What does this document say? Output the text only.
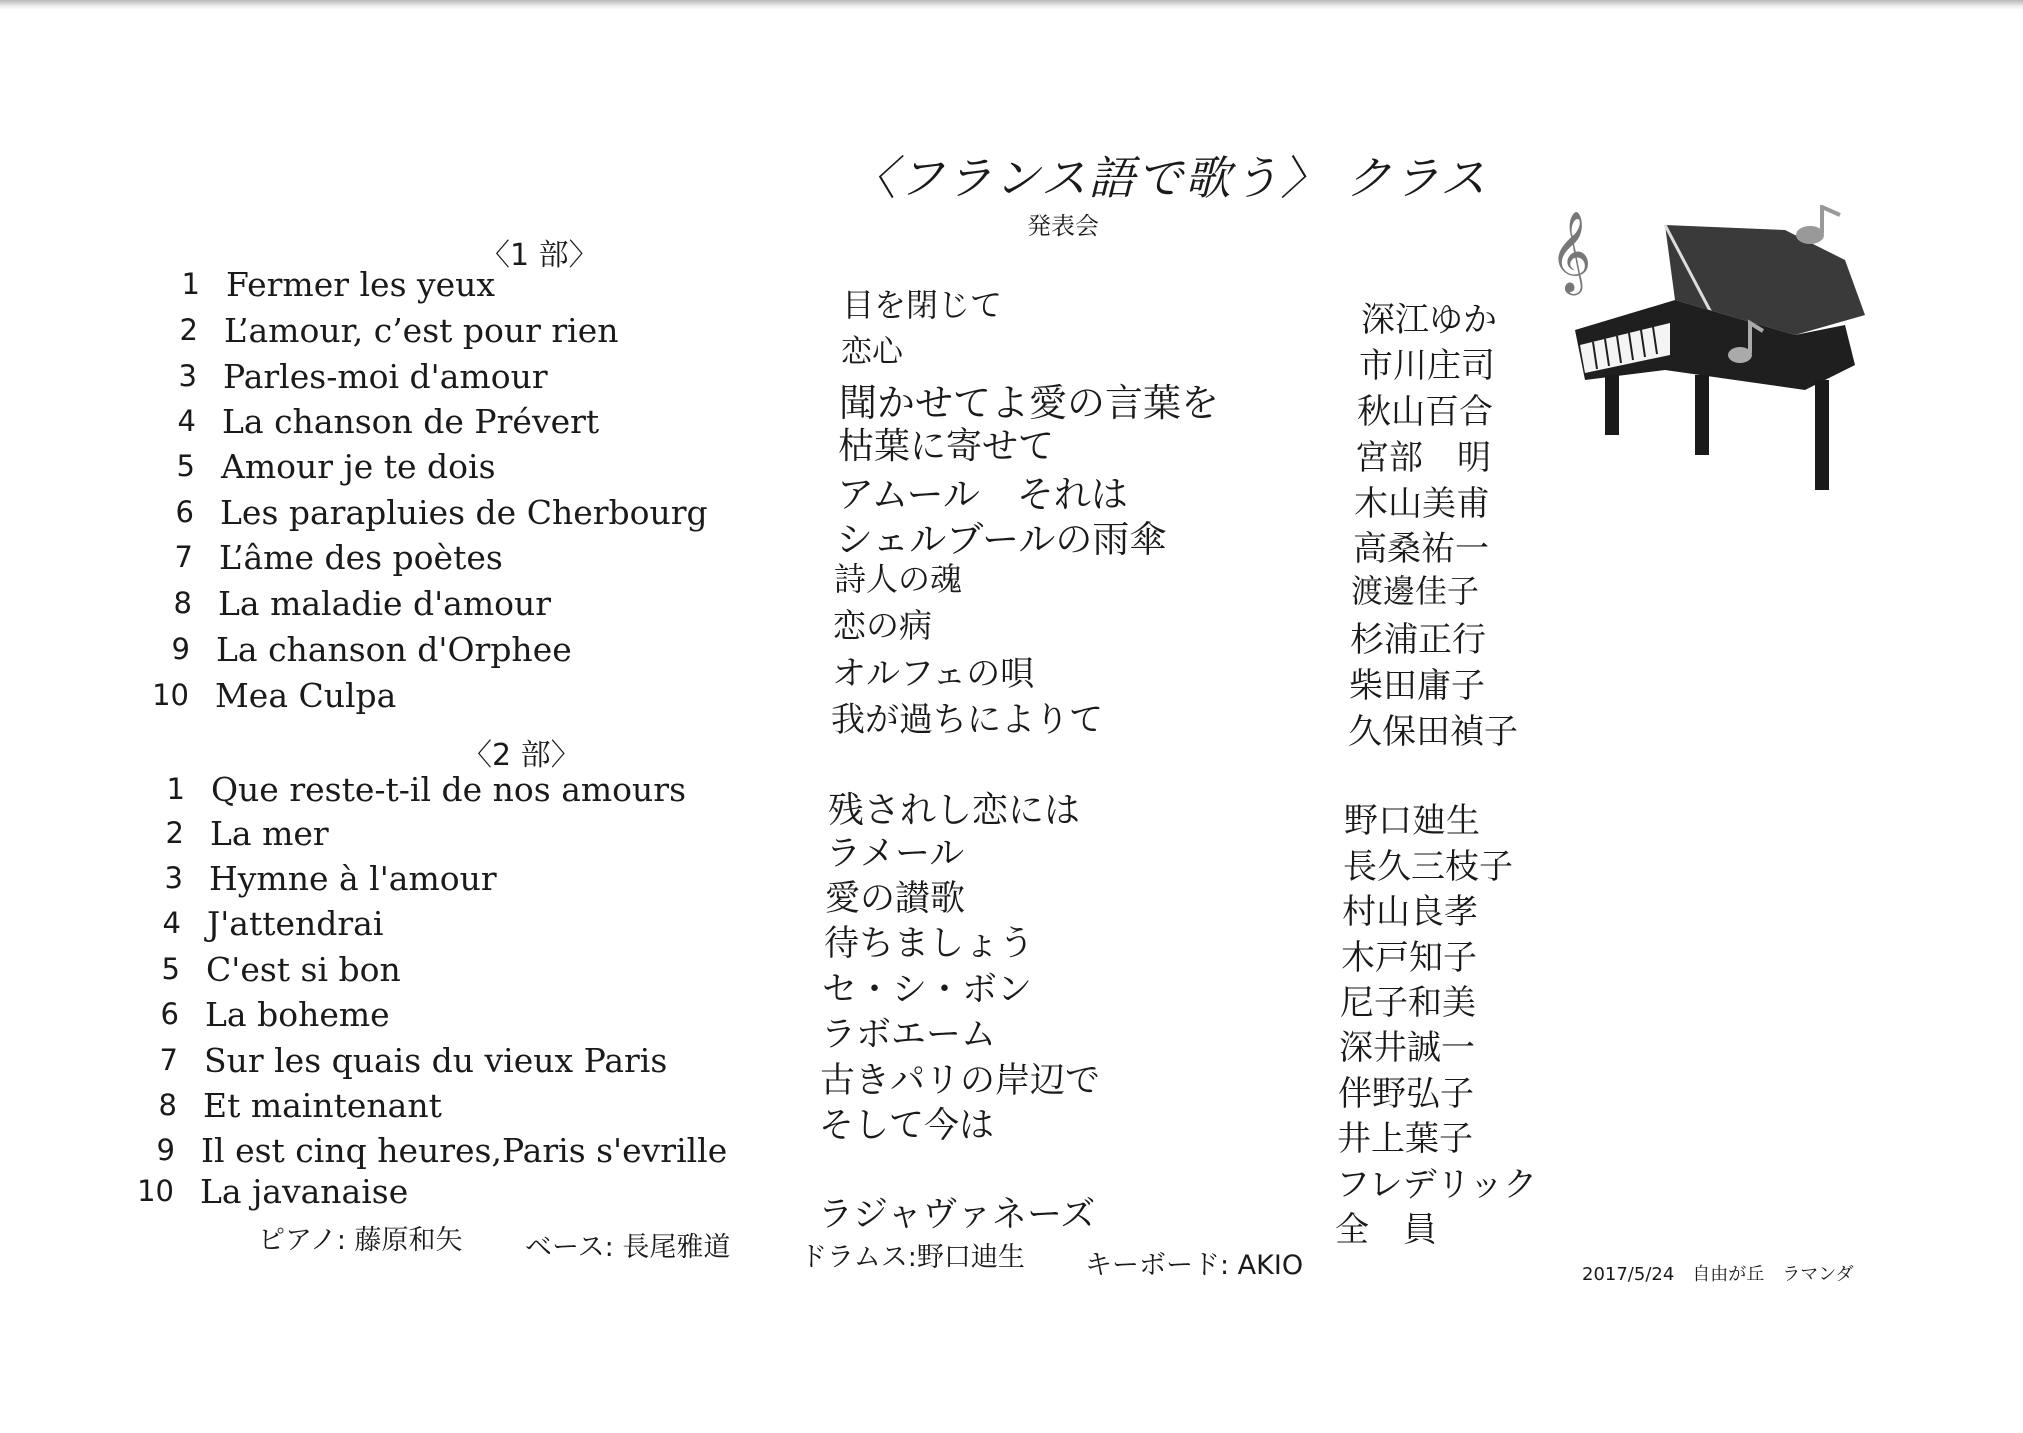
〈フランス語で歌う〉 クラス
発表会
〈1 部〉
1 Fermer les yeux
2 L’amour, c’est pour rien
3 Parles-moi d'amour
4 La chanson de Prévert
5 Amour je te dois
6 Les parapluies de Cherbourg
7 L’âme des poètes
8 La maladie d'amour
9 La chanson d'Orphee
10 Mea Culpa
目を閉じて
恋心
聞かせてよ愛の言葉を
枯葉に寄せて
アムール　それは
シェルブールの雨傘
詩人の魂
恋の病
オルフェの唄
我が過ちによりて
深江ゆか
市川庄司
秋山百合
宮部　明
木山美甫
高桑祐一
渡邊佳子
杉浦正行
柴田庸子
久保田禎子
〈2 部〉
1 Que reste-t-il de nos amours
2 La mer
3 Hymne à l'amour
4 J'attendrai
5 C'est si bon
6 La boheme
7 Sur les quais du vieux Paris
8 Et maintenant
9 Il est cinq heures,Paris s'evrille
10 La javanaise
残されし恋には
ラメール
愛の讃歌
待ちましょう
セ・シ・ボン
ラボエーム
古きパリの岸辺で
そして今は
ラジャヴァネーズ
野口廸生
長久三枝子
村山良孝
木戸知子
尼子和美
深井誠一
伴野弘子
井上葉子
フレデリック
全　員
ピアノ: 藤原和矢 ベース: 長尾雅道	ドラムス:野口迪生 キーボード: AKIO	2017/5/24　自由が丘　ラマンダ
𝄞
